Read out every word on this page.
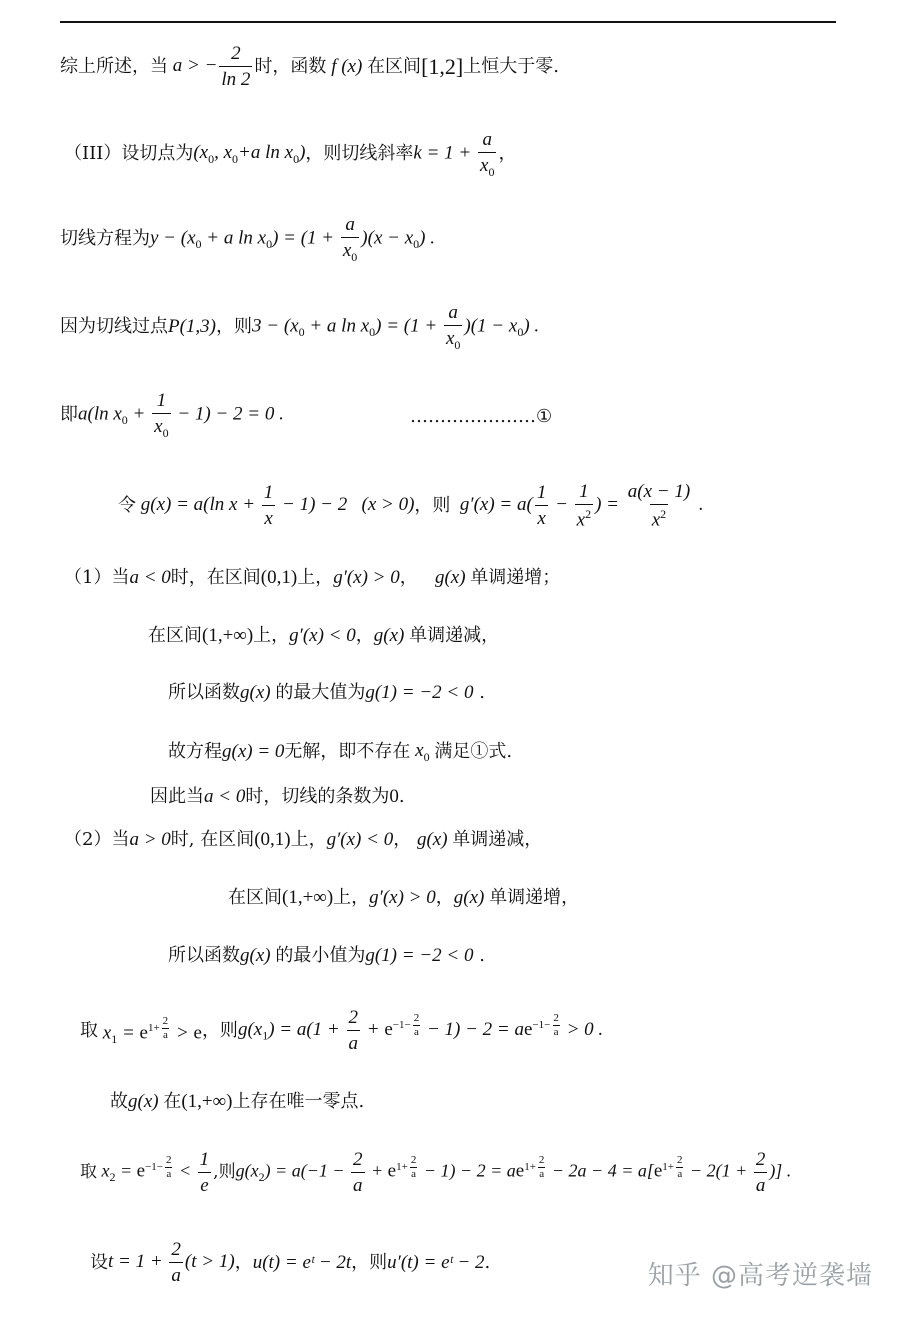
综上所述，当 a > − $\frac{2}{\ln 2}$ 时，函数 f (x) 在区间 [1,2] 上恒大于零.
（III）设切点为 ($x_0$, $x_0+a$ $\ln x_0$) ，则切线斜率 $k = 1 + \frac{a}{x_0}$ ，
切线方程为 $y - (x_0 + a$ $\ln x_0) = (1 + \frac{a}{x_0} )(x - x_0)$ .
因为切线过点 P(1,3) ，则 $3 - (x_0 + a$ $\ln x_0) = (1 + \frac{a}{x_0} )(1 - x_0)$ .
即 a(ln $x_0 + \frac{1}{x_0} - 1) - 2 = 0$ .	…………………①
令 g(x) = a(ln $x + \frac{1}{x} - 1) - 2$   (x > 0) ，则 $g'(x) = a( \frac{1}{x} - \frac{1}{x^2}$ ) = $\frac{a(x - 1)}{x^2}$ .
（1）当 a < 0 时，在区间 (0,1) 上， g′(x) > 0 ， g(x) 单调递增；
在区间 (1,+∞) 上， g′(x) < 0 ， g(x) 单调递减，
所以函数 g(x) 的最大值为 g(1) = −2 < 0 .
故方程 g(x) = 0 无解，即不存在 $x_0$ 满足①式.
因此当 a < 0 时，切线的条数为 0 .
（2）当 a > 0 时, 在区间 (0,1) 上， g′(x) < 0 ， g(x) 单调递减，
在区间 (1,+∞) 上， g′(x) > 0 ， g(x) 单调递增，
所以函数 g(x) 的最小值为 g(1) = −2 < 0 .
取 $x_1 = e^{1+ \frac{2}{a}} > e$ ，则 $g(x_1) = a(1 + \frac{2}{a} + e^{-1- \frac{2}{a}} - 1) - 2 = ae^{-1- \frac{2}{a}} > 0$ .
故 g(x) 在 (1,+∞) 上存在唯一零点.
取 $x_2 = e^{-1- \frac{2}{a}} < \frac{1}{e}$ ,则 $g(x_2) = a(-1 - \frac{2}{a} + e^{1+ \frac{2}{a}} - 1) - 2 = ae^{1+ \frac{2}{a}} - 2a - 4 = a[e^{1+ \frac{2}{a}} - 2(1 + \frac{2}{a}$ )] .
设 $t = 1 + \frac{2}{a} (t > 1)$ ， u(t) = eᵗ − 2t ，则 u′(t) = eᵗ − 2 .	知乎 @高考逆袭墙
